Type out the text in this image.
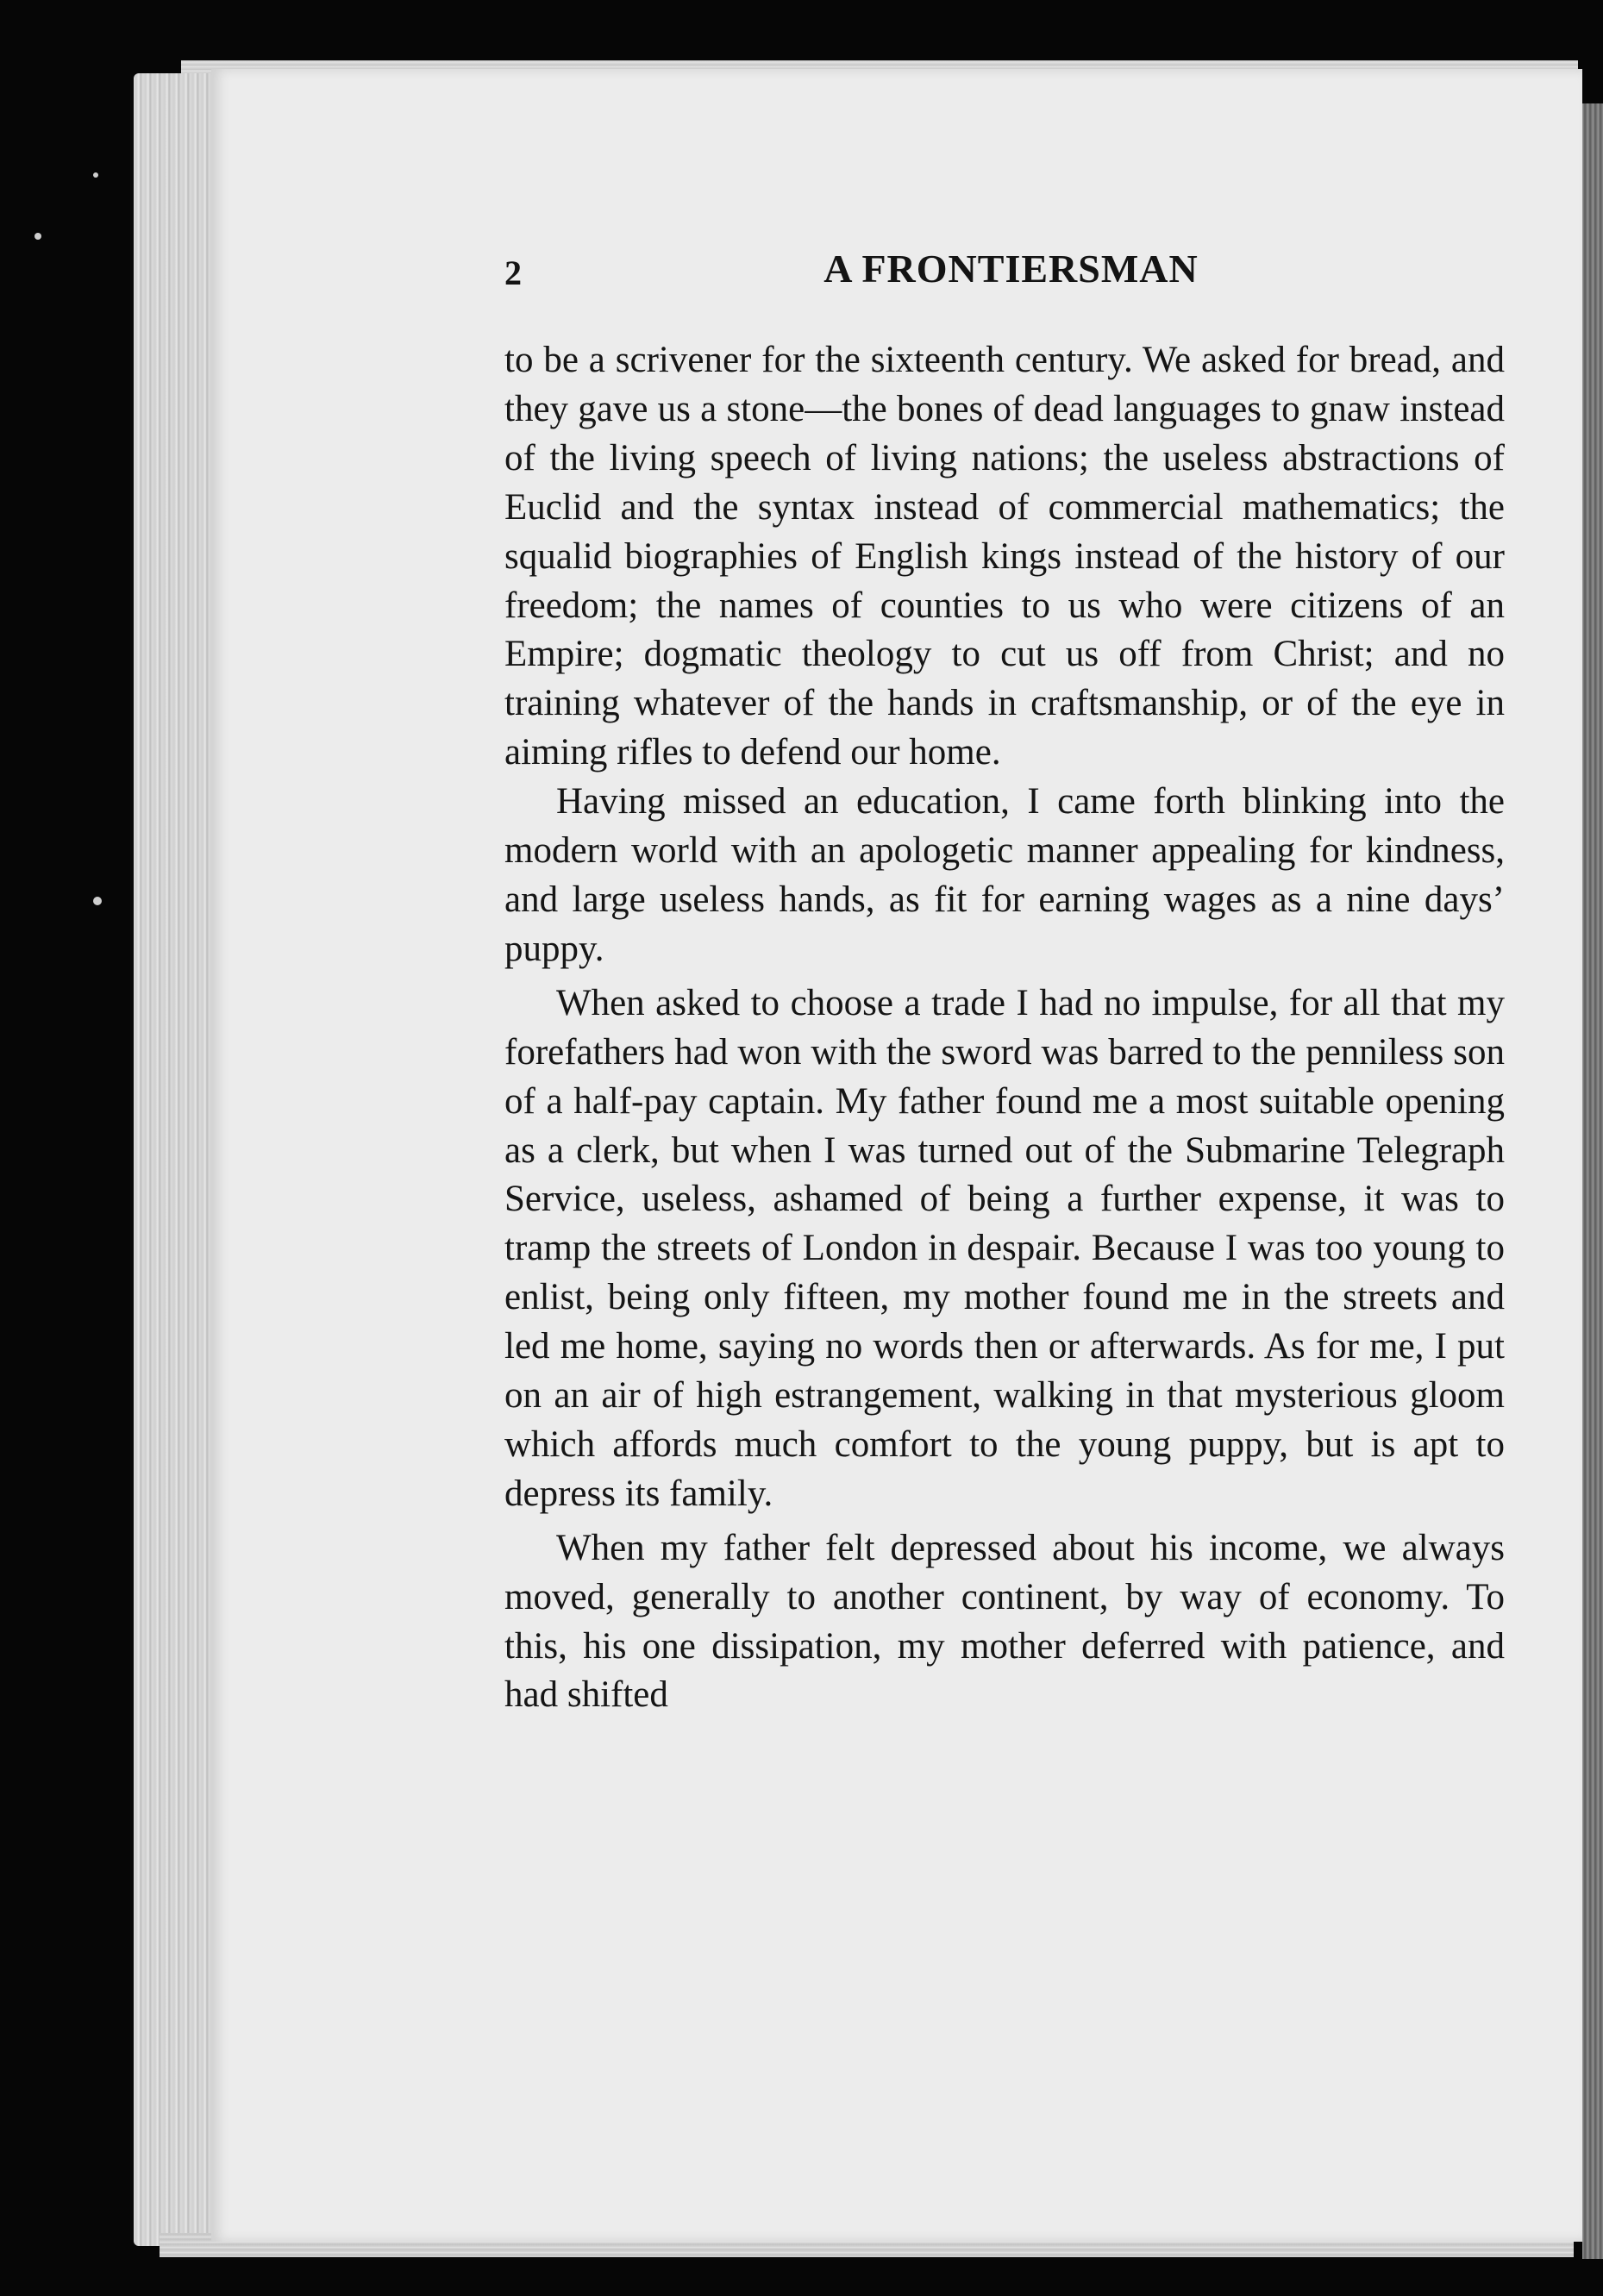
2	A FRONTIERSMAN

to be a scrivener for the sixteenth century. We asked for bread, and they gave us a stone—the bones of dead languages to gnaw instead of the living speech of living nations; the useless abstractions of Euclid and the syntax instead of commercial mathematics; the squalid biographies of English kings instead of the history of our freedom; the names of counties to us who were citizens of an Empire; dogmatic theology to cut us off from Christ; and no training whatever of the hands in craftsmanship, or of the eye in aiming rifles to defend our home.

Having missed an education, I came forth blinking into the modern world with an apologetic manner appealing for kindness, and large useless hands, as fit for earning wages as a nine days’ puppy.

When asked to choose a trade I had no impulse, for all that my forefathers had won with the sword was barred to the penniless son of a half-pay captain. My father found me a most suitable opening as a clerk, but when I was turned out of the Submarine Telegraph Service, useless, ashamed of being a further expense, it was to tramp the streets of London in despair. Because I was too young to enlist, being only fifteen, my mother found me in the streets and led me home, saying no words then or afterwards. As for me, I put on an air of high estrangement, walking in that mysterious gloom which affords much comfort to the young puppy, but is apt to depress its family.

When my father felt depressed about his income, we always moved, generally to another continent, by way of economy. To this, his one dissipation, my mother deferred with patience, and had shifted
